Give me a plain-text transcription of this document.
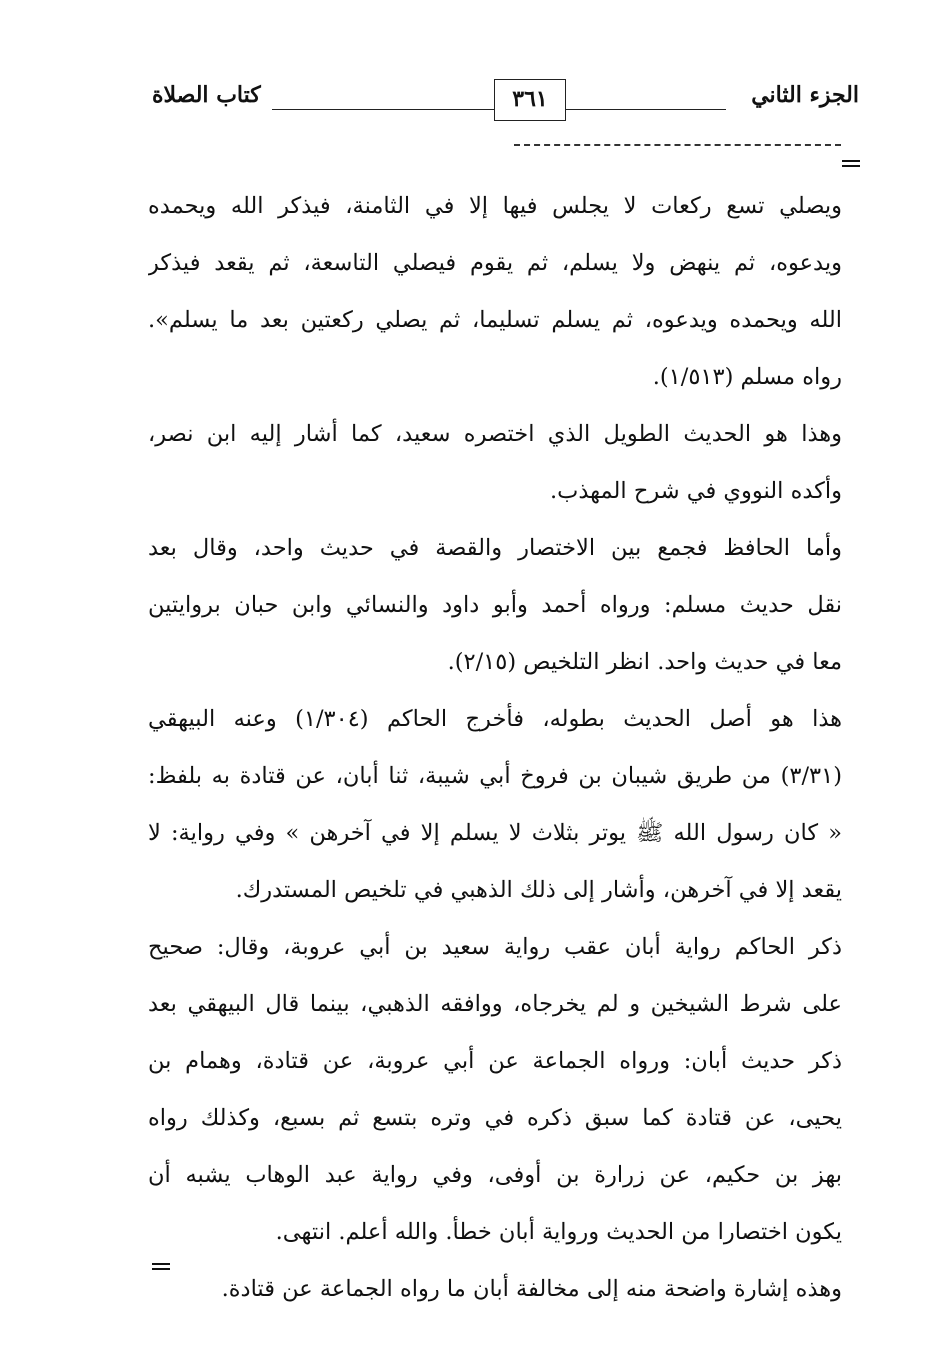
الجزء الثاني
٣٦١
كتاب الصلاة
ويصلي تسع ركعات لا يجلس فيها إلا في الثامنة، فيذكر الله ويحمده
ويدعوه، ثم ينهض ولا يسلم، ثم يقوم فيصلي التاسعة، ثم يقعد فيذكر
الله ويحمده ويدعوه، ثم يسلم تسليما، ثم يصلي ركعتين بعد ما يسلم».
رواه مسلم (١/٥١٣).
وهذا هو الحديث الطويل الذي اختصره سعيد، كما أشار إليه ابن نصر،
وأكده النووي في شرح المهذب.
وأما الحافظ فجمع بين الاختصار والقصة في حديث واحد، وقال بعد
نقل حديث مسلم: ورواه أحمد وأبو داود والنسائي وابن حبان بروايتين
معا في حديث واحد. انظر التلخيص (٢/١٥).
هذا هو أصل الحديث بطوله، فأخرج الحاكم (١/٣٠٤) وعنه البيهقي
(٣/٣١) من طريق شيبان بن فروخ أبي شيبة، ثنا أبان، عن قتادة به بلفظ:
« كان رسول الله ﷺ يوتر بثلاث لا يسلم إلا في آخرهن » وفي رواية: لا
يقعد إلا في آخرهن، وأشار إلى ذلك الذهبي في تلخيص المستدرك.
ذكر الحاكم رواية أبان عقب رواية سعيد بن أبي عروبة، وقال: صحيح
على شرط الشيخين و لم يخرجاه، ووافقه الذهبي، بينما قال البيهقي بعد
ذكر حديث أبان: ورواه الجماعة عن أبي عروبة، عن قتادة، وهمام بن
يحيى، عن قتادة كما سبق ذكره في وتره بتسع ثم بسبع، وكذلك رواه
بهز بن حكيم، عن زرارة بن أوفى، وفي رواية عبد الوهاب يشبه أن
يكون اختصارا من الحديث ورواية أبان خطأ. والله أعلم. انتهى.
وهذه إشارة واضحة منه إلى مخالفة أبان ما رواه الجماعة عن قتادة.
